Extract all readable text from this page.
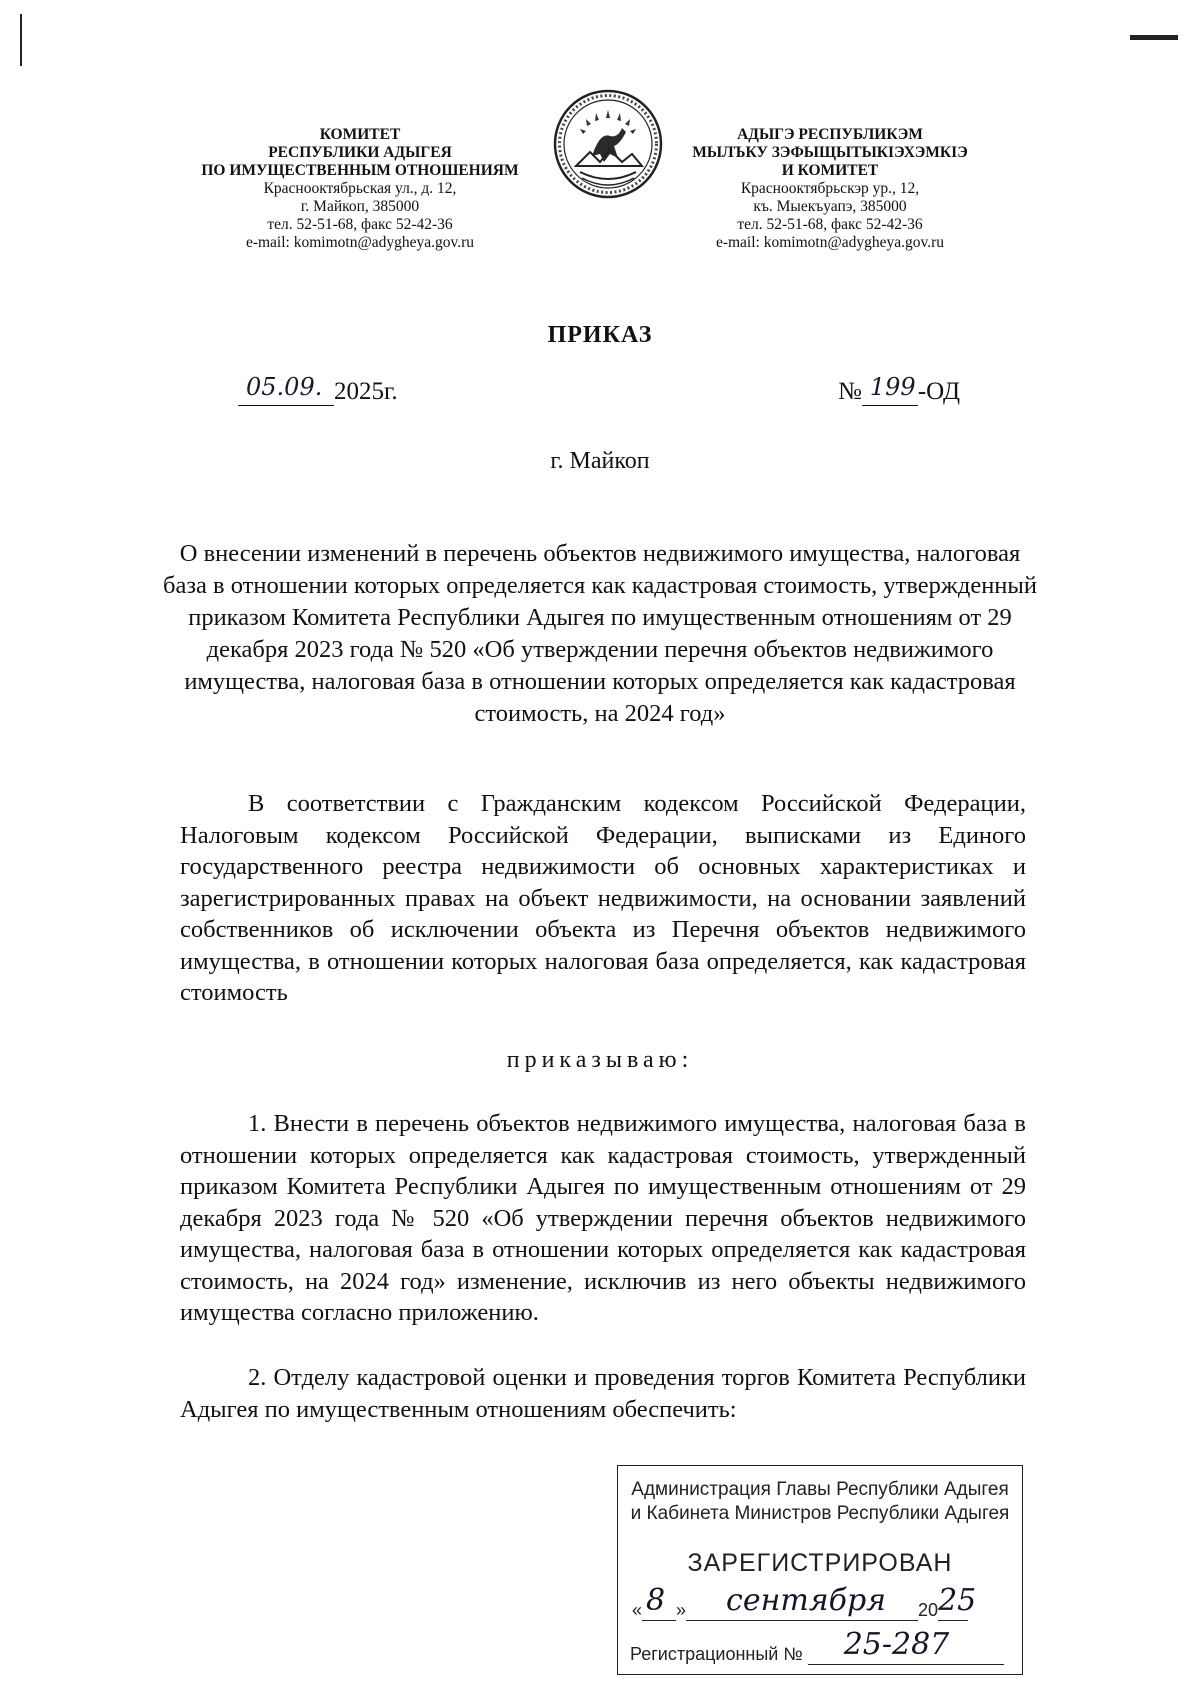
КОМИТЕТ
РЕСПУБЛИКИ АДЫГЕЯ
ПО ИМУЩЕСТВЕННЫМ ОТНОШЕНИЯМ
Краснооктябрьская ул., д. 12,
г. Майкоп, 385000
тел. 52-51-68, факс 52-42-36
e-mail: komimotn@adygheya.gov.ru
АДЫГЭ РЕСПУБЛИКЭМ
МЫЛЪКУ ЗЭФЫЩЫТЫКIЭХЭМКIЭ
И КОМИТЕТ
Краснооктябрьскэр ур., 12,
къ. Мыекъуапэ, 385000
тел. 52-51-68, факс 52-42-36
e-mail: komimotn@adygheya.gov.ru
ПРИКАЗ
05.09. 2025г.	№ 199 -ОД
г. Майкоп
О внесении изменений в перечень объектов недвижимого имущества, налоговая база в отношении которых определяется как кадастровая стоимость, утвержденный приказом Комитета Республики Адыгея по имущественным отношениям от 29 декабря 2023 года № 520 «Об утверждении перечня объектов недвижимого имущества, налоговая база в отношении которых определяется как кадастровая стоимость, на 2024 год»
В соответствии с Гражданским кодексом Российской Федерации, Налоговым кодексом Российской Федерации, выписками из Единого государственного реестра недвижимости об основных характеристиках и зарегистрированных правах на объект недвижимости, на основании заявлений собственников об исключении объекта из Перечня объектов недвижимого имущества, в отношении которых налоговая база определяется, как кадастровая стоимость
приказываю:
1. Внести в перечень объектов недвижимого имущества, налоговая база в отношении которых определяется как кадастровая стоимость, утвержденный приказом Комитета Республики Адыгея по имущественным отношениям от 29 декабря 2023 года № 520 «Об утверждении перечня объектов недвижимого имущества, налоговая база в отношении которых определяется как кадастровая стоимость, на 2024 год» изменение, исключив из него объекты недвижимого имущества согласно приложению.
2. Отделу кадастровой оценки и проведения торгов Комитета Республики Адыгея по имущественным отношениям обеспечить:
Администрация Главы Республики Адыгея
и Кабинета Министров Республики Адыгея
ЗАРЕГИСТРИРОВАН
« 8 » сентября 20 25
Регистрационный № 25-287
